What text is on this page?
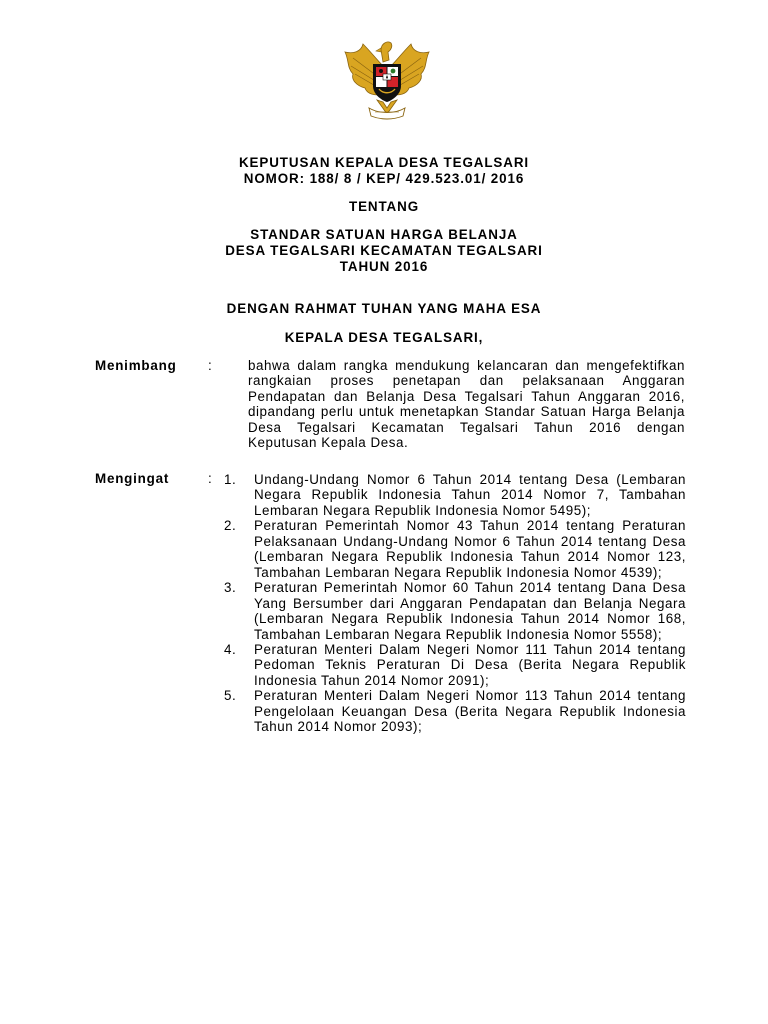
KEPUTUSAN KEPALA DESA TEGALSARI
NOMOR: 188/ 8 / KEP/ 429.523.01/ 2016
TENTANG
STANDAR SATUAN HARGA BELANJA
DESA TEGALSARI KECAMATAN TEGALSARI
TAHUN 2016
DENGAN RAHMAT TUHAN YANG MAHA ESA
KEPALA DESA TEGALSARI,
Menimbang :	bahwa dalam rangka mendukung kelancaran dan mengefektifkan rangkaian proses penetapan dan pelaksanaan Anggaran Pendapatan dan Belanja Desa Tegalsari Tahun Anggaran 2016, dipandang perlu untuk menetapkan Standar Satuan Harga Belanja Desa Tegalsari Kecamatan Tegalsari Tahun 2016 dengan Keputusan Kepala Desa.
Mengingat	: 1. Undang-Undang Nomor 6 Tahun 2014 tentang Desa (Lembaran Negara Republik Indonesia Tahun 2014 Nomor 7, Tambahan Lembaran Negara Republik Indonesia Nomor 5495);
2. Peraturan Pemerintah Nomor 43 Tahun 2014 tentang Peraturan Pelaksanaan Undang-Undang Nomor 6 Tahun 2014 tentang Desa (Lembaran Negara Republik Indonesia Tahun 2014 Nomor 123, Tambahan Lembaran Negara Republik Indonesia Nomor 4539);
3. Peraturan Pemerintah Nomor 60 Tahun 2014 tentang Dana Desa Yang Bersumber dari Anggaran Pendapatan dan Belanja Negara (Lembaran Negara Republik Indonesia Tahun 2014 Nomor 168, Tambahan Lembaran Negara Republik Indonesia Nomor 5558);
4. Peraturan Menteri Dalam Negeri Nomor 111 Tahun 2014 tentang Pedoman Teknis Peraturan Di Desa (Berita Negara Republik Indonesia Tahun 2014 Nomor 2091);
5. Peraturan Menteri Dalam Negeri Nomor 113 Tahun 2014 tentang Pengelolaan Keuangan Desa (Berita Negara Republik Indonesia Tahun 2014 Nomor 2093);
